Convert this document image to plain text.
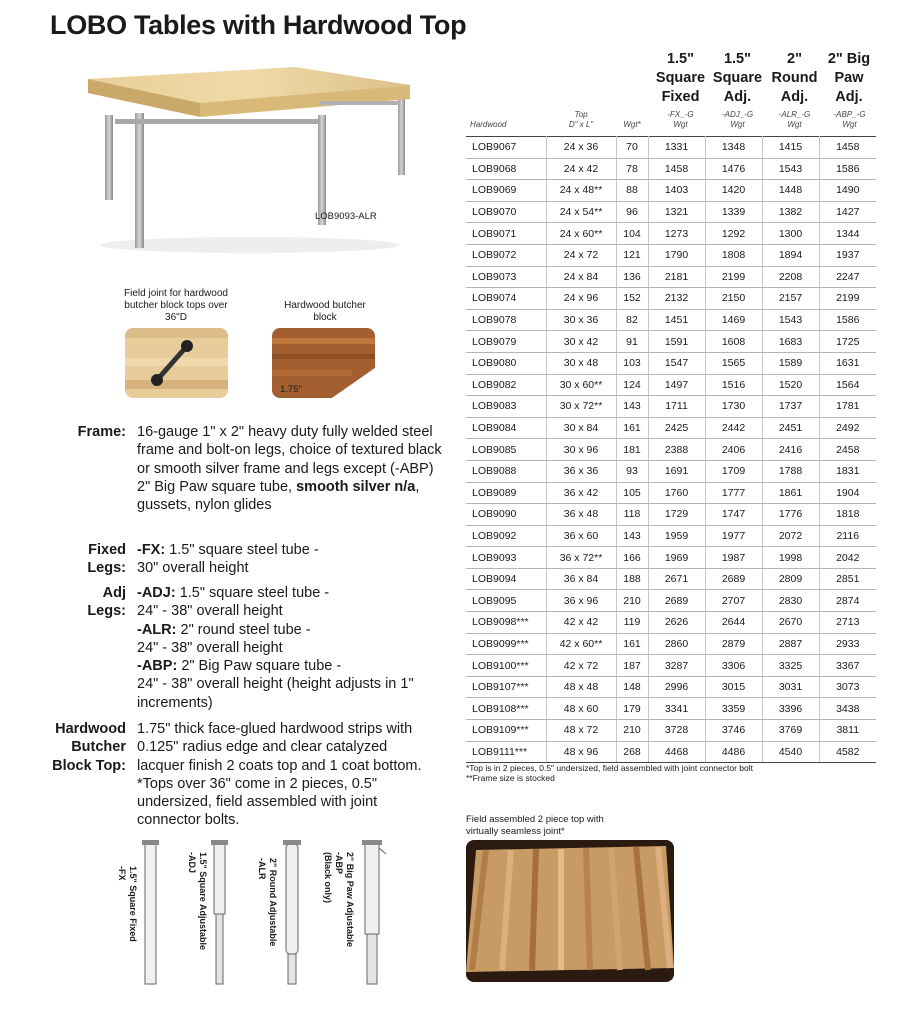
LOBO Tables with Hardwood Top
LOB9093-ALR
Field joint for hardwood butcher block tops over 36"D
Hardwood butcher block
1.75"
Frame: 16-gauge 1" x 2" heavy duty fully welded steel frame and bolt-on legs, choice of textured black or smooth silver frame and legs except (-ABP) 2" Big Paw square tube, smooth silver n/a, gussets, nylon glides
Fixed
Legs:
-FX: 1.5" square steel tube -
30" overall height
Adj
Legs:
-ADJ: 1.5" square steel tube -
24" - 38" overall height
-ALR: 2" round steel tube -
24" - 38" overall height
-ABP: 2" Big Paw square tube -
24" - 38" overall height (height adjusts in 1" increments)
Hardwood
Butcher
Block Top:
1.75" thick face-glued hardwood strips with 0.125" radius edge and clear catalyzed lacquer finish 2 coats top and 1 coat bottom. *Tops over 36" come in 2 pieces, 0.5" undersized, field assembled with joint connector bolts.
1.5" Square Fixed
-FX	1.5" Square Adjustable
-ADJ	2" Round Adjustable
-ALR	2" Big Paw Adjustable
-ABP
(Black only)
1.5"
Square
Fixed
1.5"
Square
Adj.
2"
Round
Adj.
2" Big
Paw
Adj.
Hardwood
Top
D" x L"	Wgt*
-FX_-G
Wgt
-ADJ_-G
Wgt
-ALR_-G
Wgt
-ABP_-G
Wgt
LOB9067	24 x 36	70	1331	1348	1415	1458
LOB9068	24 x 42	78	1458	1476	1543	1586
LOB9069	24 x 48**	88	1403	1420	1448	1490
LOB9070	24 x 54**	96	1321	1339	1382	1427
LOB9071	24 x 60**	104	1273	1292	1300	1344
LOB9072	24 x 72	121	1790	1808	1894	1937
LOB9073	24 x 84	136	2181	2199	2208	2247
LOB9074	24 x 96	152	2132	2150	2157	2199
LOB9078	30 x 36	82	1451	1469	1543	1586
LOB9079	30 x 42	91	1591	1608	1683	1725
LOB9080	30 x 48	103	1547	1565	1589	1631
LOB9082	30 x 60**	124	1497	1516	1520	1564
LOB9083	30 x 72**	143	1711	1730	1737	1781
LOB9084	30 x 84	161	2425	2442	2451	2492
LOB9085	30 x 96	181	2388	2406	2416	2458
LOB9088	36 x 36	93	1691	1709	1788	1831
LOB9089	36 x 42	105	1760	1777	1861	1904
LOB9090	36 x 48	118	1729	1747	1776	1818
LOB9092	36 x 60	143	1959	1977	2072	2116
LOB9093	36 x 72**	166	1969	1987	1998	2042
LOB9094	36 x 84	188	2671	2689	2809	2851
LOB9095	36 x 96	210	2689	2707	2830	2874
LOB9098***	42 x 42	119	2626	2644	2670	2713
LOB9099***	42 x 60**	161	2860	2879	2887	2933
LOB9100***	42 x 72	187	3287	3306	3325	3367
LOB9107***	48 x 48	148	2996	3015	3031	3073
LOB9108***	48 x 60	179	3341	3359	3396	3438
LOB9109***	48 x 72	210	3728	3746	3769	3811
LOB9111***	48 x 96	268	4468	4486	4540	4582
*Top is in 2 pieces, 0.5" undersized, field assembled with joint connector bolt
**Frame size is stocked
Field assembled 2 piece top with virtually seamless joint*
